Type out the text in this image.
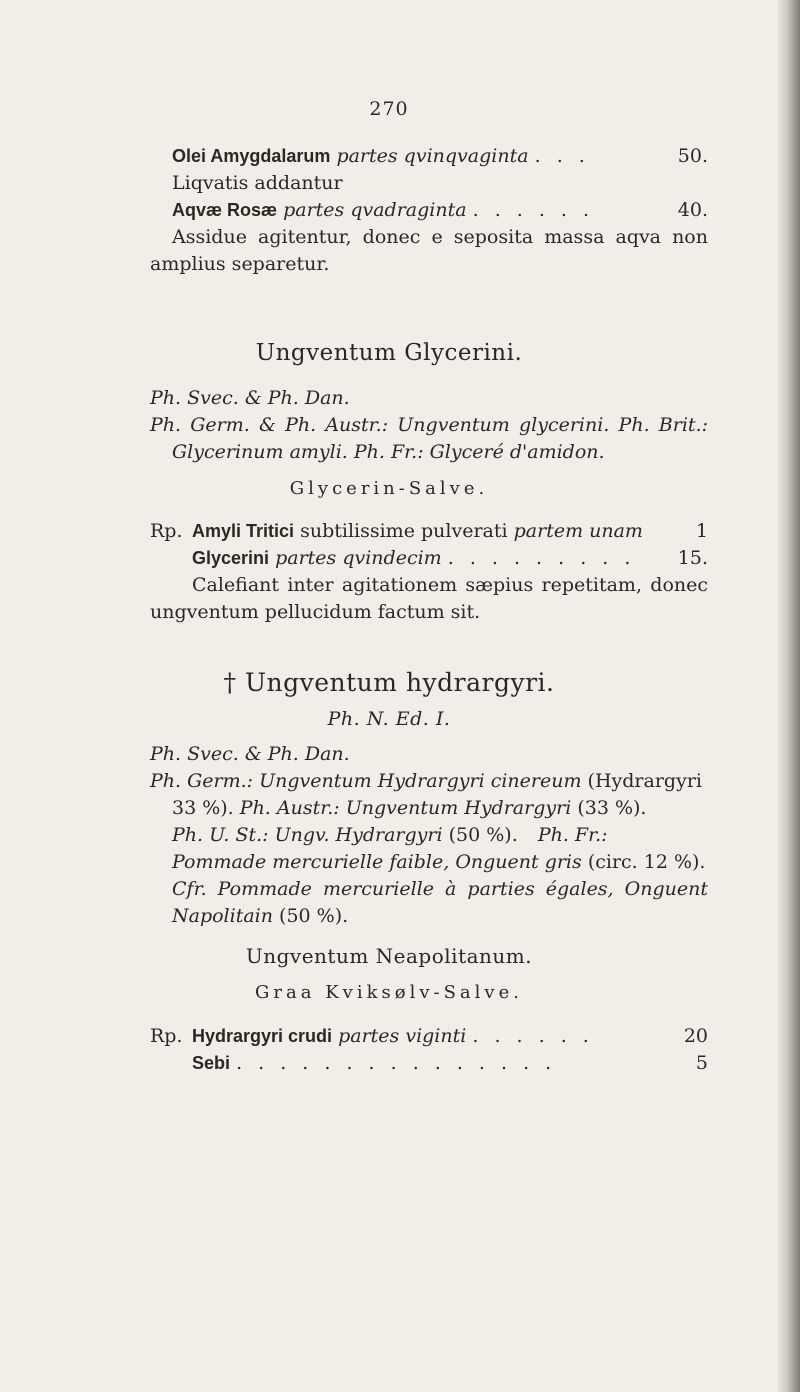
270
Olei Amygdalarum partes qvinqvaginta . . .	50.
Liqvatis addantur
Aqvæ Rosæ partes qvadraginta . . . . . .	40.
Assidue agitentur, donec e seposita massa aqva non
amplius separetur.
Ungventum Glycerini.
Ph. Svec. & Ph. Dan.
Ph. Germ. & Ph. Austr.: Ungventum glycerini. Ph. Brit.:
Glycerinum amyli. Ph. Fr.: Glyceré d'amidon.
Glycerin-Salve.
Rp. Amyli Tritici subtilissime pulverati partem unam	1
Glycerini partes qvindecim . . . . . . . . .	15.
Calefiant inter agitationem sæpius repetitam, donec
ungventum pellucidum factum sit.
† Ungventum hydrargyri.
Ph. N. Ed. I.
Ph. Svec. & Ph. Dan.
Ph. Germ.: Ungventum Hydrargyri cinereum (Hydrargyri
33 %). Ph. Austr.: Ungventum Hydrargyri (33 %).
Ph. U. St.: Ungv. Hydrargyri (50 %). Ph. Fr.:
Pommade mercurielle faible, Onguent gris (circ. 12 %).
Cfr. Pommade mercurielle à parties égales, Onguent
Napolitain (50 %).
Ungventum Neapolitanum.
Graa Kviksølv-Salve.
Rp. Hydrargyri crudi partes viginti . . . . . .	20
Sebi . . . . . . . . . . . . . . .	5
